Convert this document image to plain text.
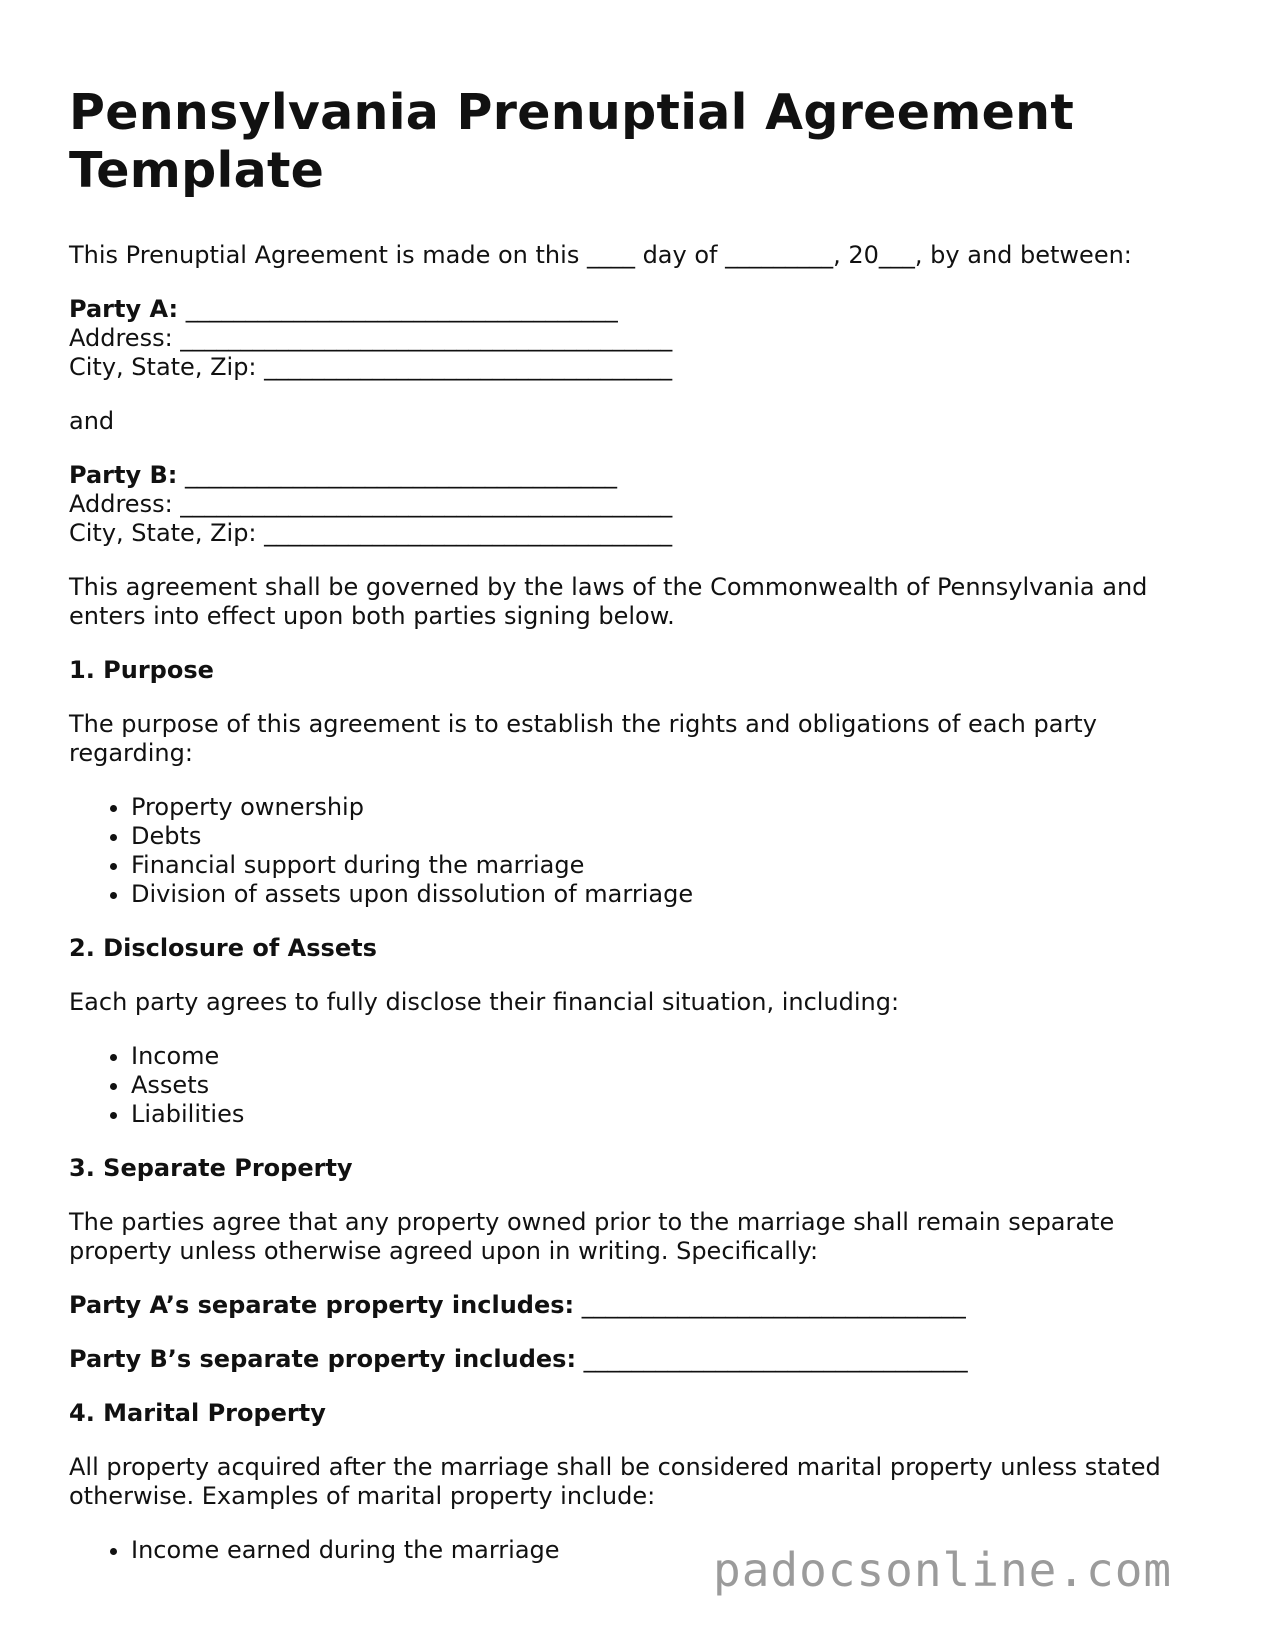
Pennsylvania Prenuptial Agreement Template

This Prenuptial Agreement is made on this ____ day of _________, 20___, by and between:

Party A: ____________________________________
Address: _________________________________________
City, State, Zip: __________________________________

and

Party B: ____________________________________
Address: _________________________________________
City, State, Zip: __________________________________

This agreement shall be governed by the laws of the Commonwealth of Pennsylvania and enters into effect upon both parties signing below.

1. Purpose

The purpose of this agreement is to establish the rights and obligations of each party regarding:

• Property ownership
• Debts
• Financial support during the marriage
• Division of assets upon dissolution of marriage
2. Disclosure of Assets

Each party agrees to fully disclose their financial situation, including:

• Income
• Assets
• Liabilities
3. Separate Property

The parties agree that any property owned prior to the marriage shall remain separate property unless otherwise agreed upon in writing. Specifically:

Party A’s separate property includes: ________________________________

Party B’s separate property includes: ________________________________

4. Marital Property

All property acquired after the marriage shall be considered marital property unless stated otherwise. Examples of marital property include:

• Income earned during the marriage	padocsonline.com
